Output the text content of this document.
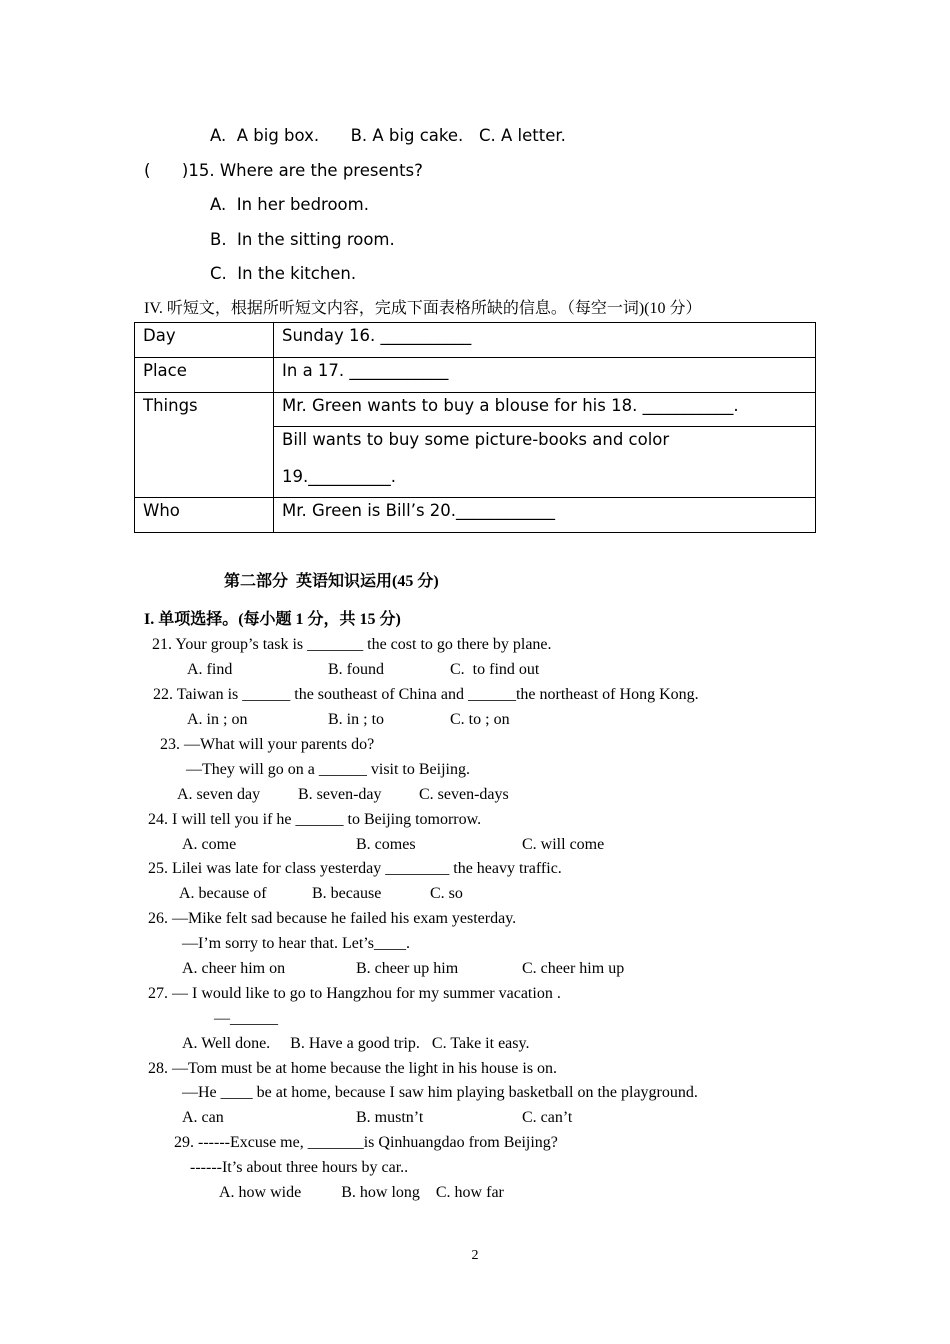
A.  A big box.      B. A big cake.   C. A letter.
(      )15. Where are the presents?
A.  In her bedroom.
B.  In the sitting room.
C.  In the kitchen.
IV. 听短文，根据所听短文内容，完成下面表格所缺的信息。（每空一词)(10 分）
Day	Sunday 16. ___________
Place	In a 17. ____________
Things	Mr. Green wants to buy a blouse for his 18. ___________.

	Bill wants to buy some picture-books and color
19.__________.

Who	Mr. Green is Bill’s 20.____________
第二部分  英语知识运用(45 分)
I. 单项选择。(每小题 1 分，共 15 分)
21. Your group’s task is _______ the cost to go there by plane.
A. find	B. found	C.  to find out
22. Taiwan is ______ the southeast of China and ______the northeast of Hong Kong.
A. in ; on	B. in ; to	C. to ; on
23. —What will your parents do?
—They will go on a ______ visit to Beijing.
A. seven day B. seven-day C. seven-days
24. I will tell you if he ______ to Beijing tomorrow.
A. come	B. comes	C. will come
25. Lilei was late for class yesterday ________ the heavy traffic.
A. because of	B. because	C. so
26. —Mike felt sad because he failed his exam yesterday.
—I’m sorry to hear that. Let’s____.
A. cheer him on	B. cheer up him	C. cheer him up
27. — I would like to go to Hangzhou for my summer vacation .
—______
A. Well done.     B. Have a good trip.   C. Take it easy.
28. —Tom must be at home because the light in his house is on.
—He ____ be at home, because I saw him playing basketball on the playground.
A. can	B. mustn’t	C. can’t
29. ------Excuse me, _______is Qinhuangdao from Beijing?
------It’s about three hours by car..
A. how wide          B. how long    C. how far
2
